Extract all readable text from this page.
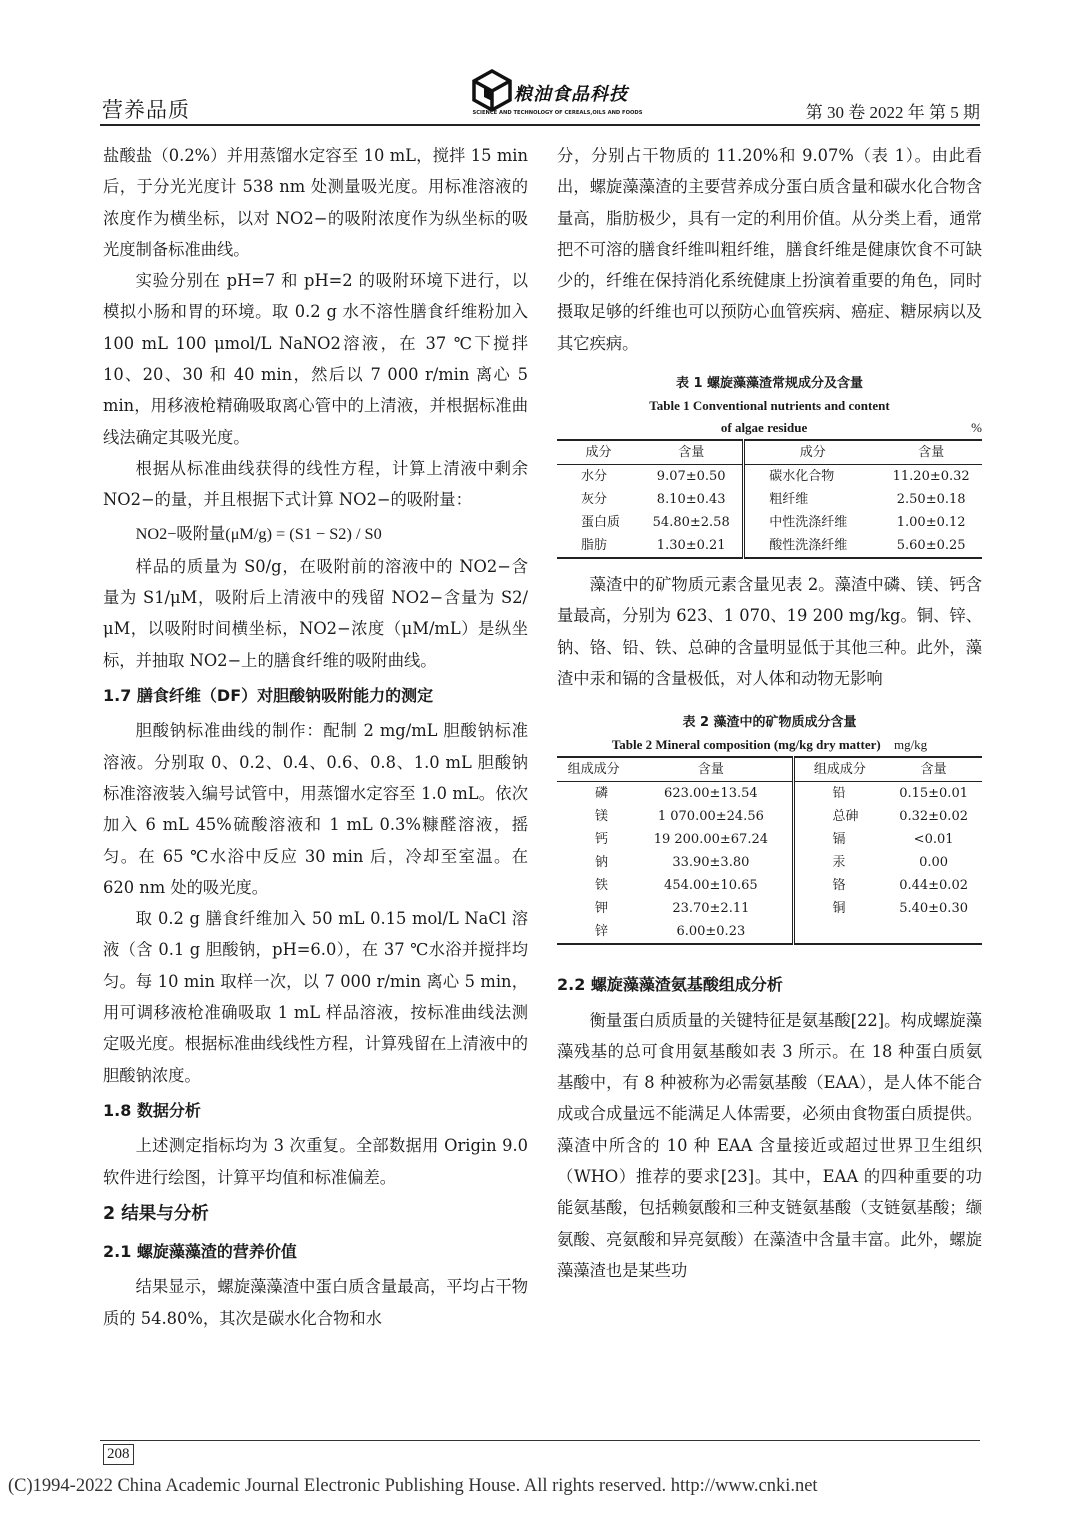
营养品质
粮油食品科技
SCIENCE AND TECHNOLOGY OF CEREALS,OILS AND FOODS	第 30 卷 2022 年 第 5 期

盐酸盐（0.2%）并用蒸馏水定容至 10 mL，搅拌 15 min 后，于分光光度计 538 nm 处测量吸光度。用标准溶液的浓度作为横坐标，以对 NO2−的吸附浓度作为纵坐标的吸光度制备标准曲线。

实验分别在 pH=7 和 pH=2 的吸附环境下进行，以模拟小肠和胃的环境。取 0.2 g 水不溶性膳食纤维粉加入 100 mL 100 μmol/L NaNO2溶液，在 37 ℃下搅拌 10、20、30 和 40 min，然后以 7 000 r/min 离心 5 min，用移液枪精确吸取离心管中的上清液，并根据标准曲线法确定其吸光度。

根据从标准曲线获得的线性方程，计算上清液中剩余 NO2−的量，并且根据下式计算 NO2−的吸附量：

NO2−吸附量(μM/g) = (S1 − S2) / S0

样品的质量为 S0/g，在吸附前的溶液中的 NO2−含量为 S1/μM，吸附后上清液中的残留 NO2−含量为 S2/μM，以吸附时间横坐标，NO2−浓度（μM/mL）是纵坐标，并抽取 NO2−上的膳食纤维的吸附曲线。

1.7 膳食纤维（DF）对胆酸钠吸附能力的测定

胆酸钠标准曲线的制作：配制 2 mg/mL 胆酸钠标准溶液。分别取 0、0.2、0.4、0.6、0.8、1.0 mL 胆酸钠标准溶液装入编号试管中，用蒸馏水定容至 1.0 mL。依次加入 6 mL 45%硫酸溶液和 1 mL 0.3%糠醛溶液，摇匀。在 65 ℃水浴中反应 30 min 后，冷却至室温。在 620 nm 处的吸光度。

取 0.2 g 膳食纤维加入 50 mL 0.15 mol/L NaCl 溶液（含 0.1 g 胆酸钠，pH=6.0），在 37 ℃水浴并搅拌均匀。每 10 min 取样一次，以 7 000 r/min 离心 5 min，用可调移液枪准确吸取 1 mL 样品溶液，按标准曲线法测定吸光度。根据标准曲线线性方程，计算残留在上清液中的胆酸钠浓度。

1.8 数据分析

上述测定指标均为 3 次重复。全部数据用 Origin 9.0 软件进行绘图，计算平均值和标准偏差。

2 结果与分析
2.1 螺旋藻藻渣的营养价值

结果显示，螺旋藻藻渣中蛋白质含量最高，平均占干物质的 54.80%，其次是碳水化合物和水

分，分别占干物质的 11.20%和 9.07%（表 1）。由此看出，螺旋藻藻渣的主要营养成分蛋白质含量和碳水化合物含量高，脂肪极少，具有一定的利用价值。从分类上看，通常把不可溶的膳食纤维叫粗纤维，膳食纤维是健康饮食不可缺少的，纤维在保持消化系统健康上扮演着重要的角色，同时摄取足够的纤维也可以预防心血管疾病、癌症、糖尿病以及其它疾病。

表 1 螺旋藻藻渣常规成分及含量
Table 1 Conventional nutrients and content
of algae residue	%
成分	含量	成分	含量
水分	9.07±0.50	碳水化合物	11.20±0.32
灰分	8.10±0.43	粗纤维	2.50±0.18
蛋白质	54.80±2.58	中性洗涤纤维	1.00±0.12
脂肪	1.30±0.21	酸性洗涤纤维	5.60±0.25

藻渣中的矿物质元素含量见表 2。藻渣中磷、镁、钙含量最高，分别为 623、1 070、19 200 mg/kg。铜、锌、钠、铬、铅、铁、总砷的含量明显低于其他三种。此外，藻渣中汞和镉的含量极低，对人体和动物无影响

表 2 藻渣中的矿物质成分含量
Table 2 Mineral composition (mg/kg dry matter) mg/kg
组成成分	含量	组成成分	含量
磷	623.00±13.54	铅	0.15±0.01
镁	1 070.00±24.56	总砷	0.32±0.02
钙	19 200.00±67.24	镉	<0.01
钠	33.90±3.80	汞	0.00
铁	454.00±10.65	铬	0.44±0.02
钾	23.70±2.11	铜	5.40±0.30
锌	6.00±0.23		
2.2 螺旋藻藻渣氨基酸组成分析

衡量蛋白质质量的关键特征是氨基酸[22]。构成螺旋藻藻残基的总可食用氨基酸如表 3 所示。在 18 种蛋白质氨基酸中，有 8 种被称为必需氨基酸（EAA），是人体不能合成或合成量远不能满足人体需要，必须由食物蛋白质提供。藻渣中所含的 10 种 EAA 含量接近或超过世界卫生组织（WHO）推荐的要求[23]。其中，EAA 的四种重要的功能氨基酸，包括赖氨酸和三种支链氨基酸（支链氨基酸；缬氨酸、亮氨酸和异亮氨酸）在藻渣中含量丰富。此外，螺旋藻藻渣也是某些功

208
(C)1994-2022 China Academic Journal Electronic Publishing House. All rights reserved. http://www.cnki.net
